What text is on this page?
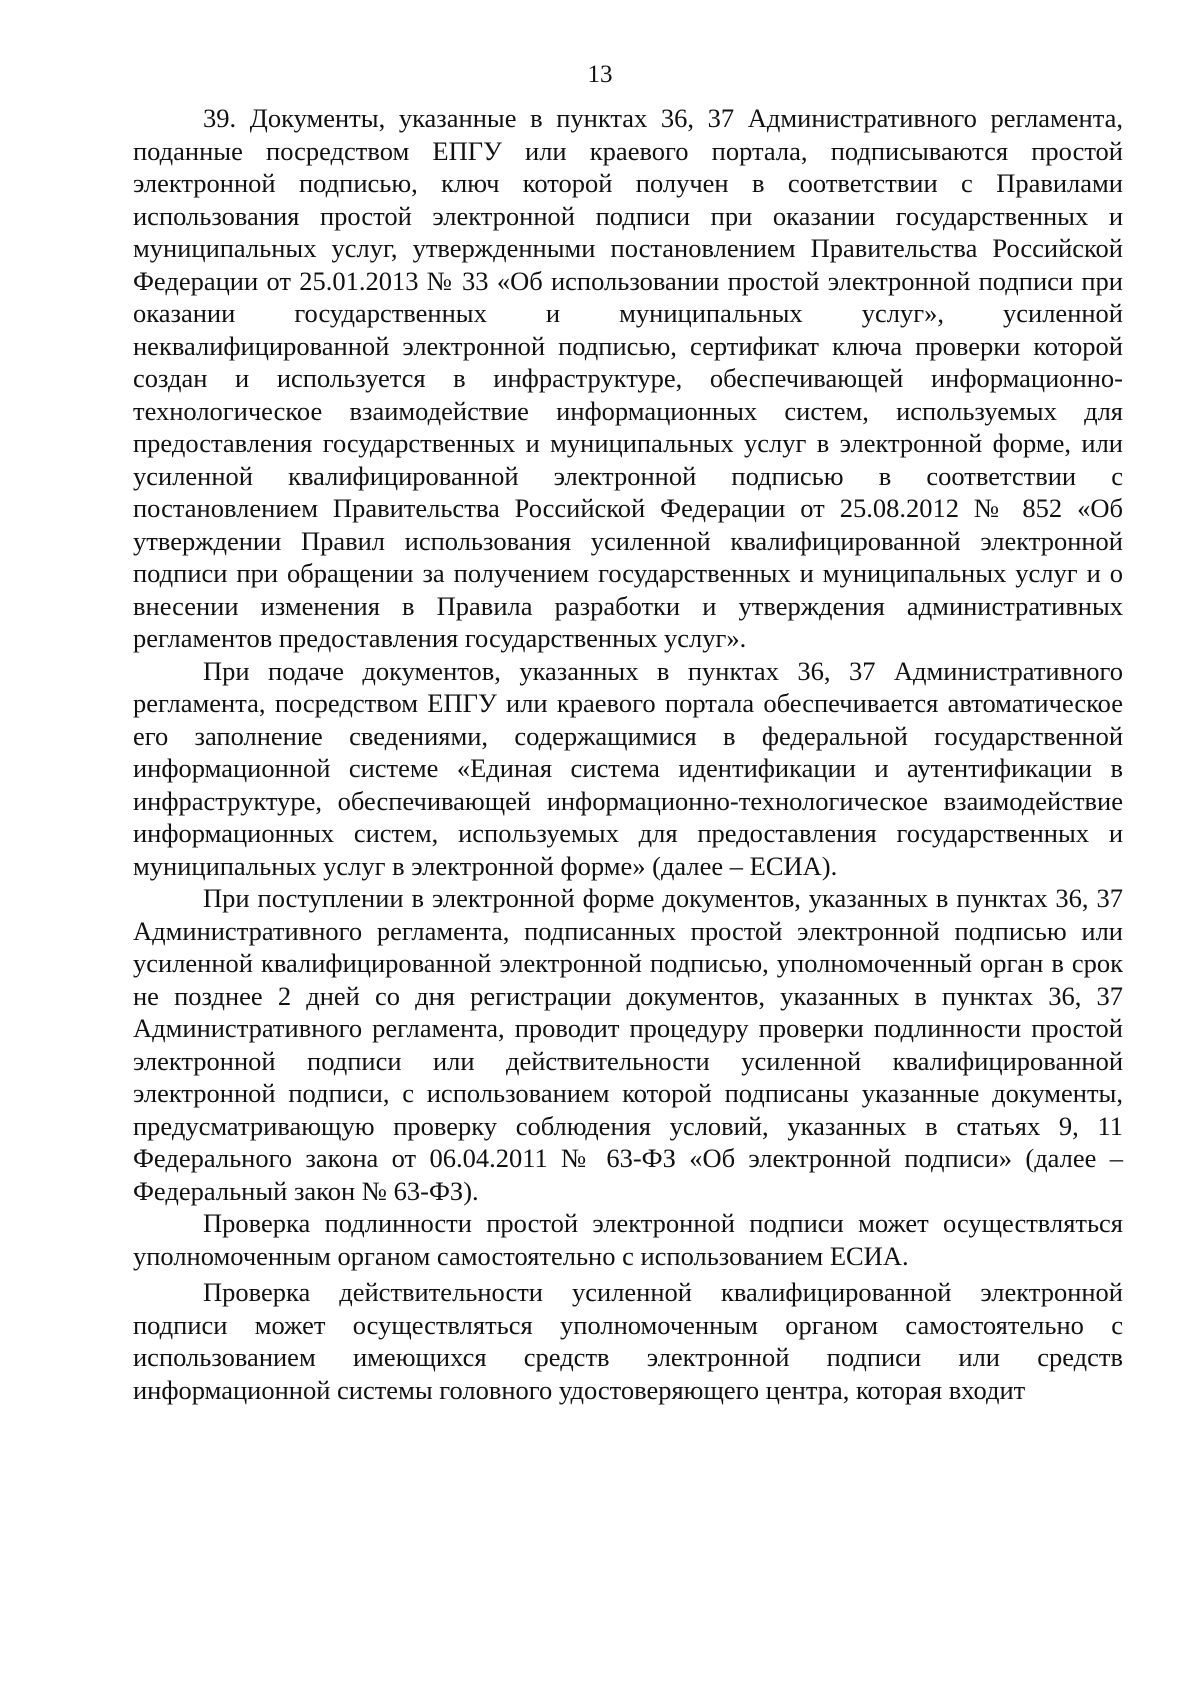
13

39. Документы, указанные в пунктах 36, 37 Административного регламента, поданные посредством ЕПГУ или краевого портала, подписываются простой электронной подписью, ключ которой получен в соответствии с Правилами использования простой электронной подписи при оказании государственных и муниципальных услуг, утвержденными постановлением Правительства Российской Федерации от 25.01.2013 № 33 «Об использовании простой электронной подписи при оказании государственных и муниципальных услуг», усиленной неквалифицированной электронной подписью, сертификат ключа проверки которой создан и используется в инфраструктуре, обеспечивающей информационно-технологическое взаимодействие информационных систем, используемых для предоставления государственных и муниципальных услуг в электронной форме, или усиленной квалифицированной электронной подписью в соответствии с постановлением Правительства Российской Федерации от 25.08.2012 № 852 «Об утверждении Правил использования усиленной квалифицированной электронной подписи при обращении за получением государственных и муниципальных услуг и о внесении изменения в Правила разработки и утверждения административных регламентов предоставления государственных услуг».

При подаче документов, указанных в пунктах 36, 37 Административного регламента, посредством ЕПГУ или краевого портала обеспечивается автоматическое его заполнение сведениями, содержащимися в федеральной государственной информационной системе «Единая система идентификации и аутентификации в инфраструктуре, обеспечивающей информационно-технологическое взаимодействие информационных систем, используемых для предоставления государственных и муниципальных услуг в электронной форме» (далее – ЕСИА).

При поступлении в электронной форме документов, указанных в пунктах 36, 37 Административного регламента, подписанных простой электронной подписью или усиленной квалифицированной электронной подписью, уполномоченный орган в срок не позднее 2 дней со дня регистрации документов, указанных в пунктах 36, 37 Административного регламента, проводит процедуру проверки подлинности простой электронной подписи или действительности усиленной квалифицированной электронной подписи, с использованием которой подписаны указанные документы, предусматривающую проверку соблюдения условий, указанных в статьях 9, 11 Федерального закона от 06.04.2011 № 63-ФЗ «Об электронной подписи» (далее – Федеральный закон № 63-ФЗ).

Проверка подлинности простой электронной подписи может осуществляться уполномоченным органом самостоятельно с использованием ЕСИА.

Проверка действительности усиленной квалифицированной электронной подписи может осуществляться уполномоченным органом самостоятельно с использованием имеющихся средств электронной подписи или средств информационной системы головного удостоверяющего центра, которая входит
